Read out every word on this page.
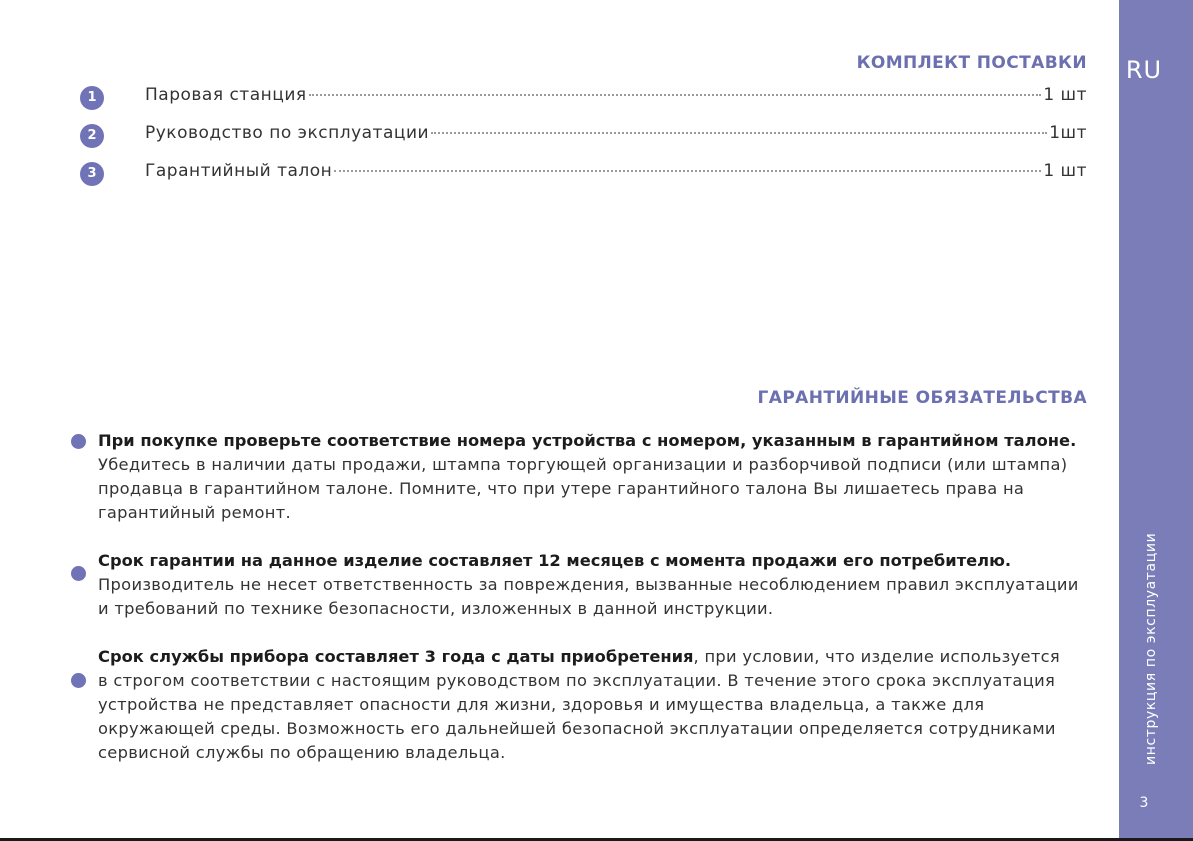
RU
инструкция по эксплуатации
3
КОМПЛЕКТ ПОСТАВКИ
1	Паровая станция	1 шт
2	Руководство по эксплуатации	1шт
3	Гарантийный талон	1 шт
ГАРАНТИЙНЫЕ ОБЯЗАТЕЛЬСТВА
При покупке проверьте соответствие номера устройства с номером, указанным в гарантийном талоне.
Убедитесь в наличии даты продажи, штампа торгующей организации и разборчивой подписи (или штампа) продавца в гарантийном талоне. Помните, что при утере гарантийного талона Вы лишаетесь права на гарантийный ремонт.
Срок гарантии на данное изделие составляет 12 месяцев с момента продажи его потребителю.
Производитель не несет ответственность за повреждения, вызванные несоблюдением правил эксплуатации и требований по технике безопасности, изложенных в данной инструкции.
Срок службы прибора составляет 3 года с даты приобретения, при условии, что изделие используется в строгом соответствии с настоящим руководством по эксплуатации. В течение этого срока эксплуатация устройства не представляет опасности для жизни, здоровья и имущества владельца, а также для окружающей среды. Возможность его дальнейшей безопасной эксплуатации определяется сотрудниками сервисной службы по обращению владельца.
